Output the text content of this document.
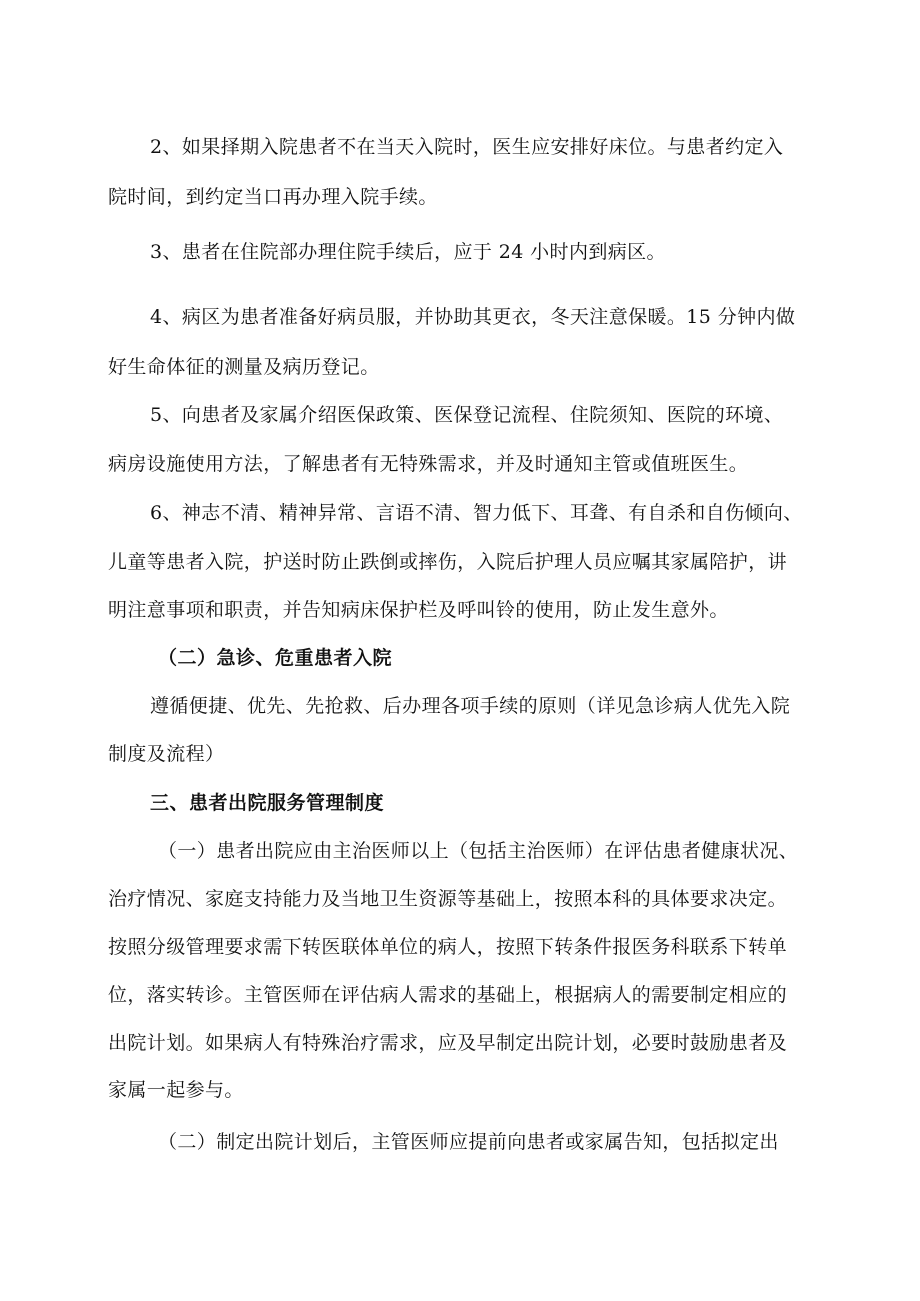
2、如果择期入院患者不在当天入院时，医生应安排好床位。与患者约定入

院时间，到约定当口再办理入院手续。

3、患者在住院部办理住院手续后，应于 24 小时内到病区。

4、病区为患者准备好病员服，并协助其更衣，冬天注意保暖。15 分钟内做

好生命体征的测量及病历登记。

5、向患者及家属介绍医保政策、医保登记流程、住院须知、医院的环境、

病房设施使用方法，了解患者有无特殊需求，并及时通知主管或值班医生。

6、神志不清、精神异常、言语不清、智力低下、耳聋、有自杀和自伤倾向、

儿童等患者入院，护送时防止跌倒或摔伤，入院后护理人员应嘱其家属陪护，讲

明注意事项和职责，并告知病床保护栏及呼叫铃的使用，防止发生意外。

（二）急诊、危重患者入院

遵循便捷、优先、先抢救、后办理各项手续的原则（详见急诊病人优先入院

制度及流程）

三、患者出院服务管理制度

（一）患者出院应由主治医师以上（包括主治医师）在评估患者健康状况、

治疗情况、家庭支持能力及当地卫生资源等基础上，按照本科的具体要求决定。

按照分级管理要求需下转医联体单位的病人，按照下转条件报医务科联系下转单

位，落实转诊。主管医师在评估病人需求的基础上，根据病人的需要制定相应的

出院计划。如果病人有特殊治疗需求，应及早制定出院计划，必要时鼓励患者及

家属一起参与。

（二）制定出院计划后，主管医师应提前向患者或家属告知，包括拟定出
